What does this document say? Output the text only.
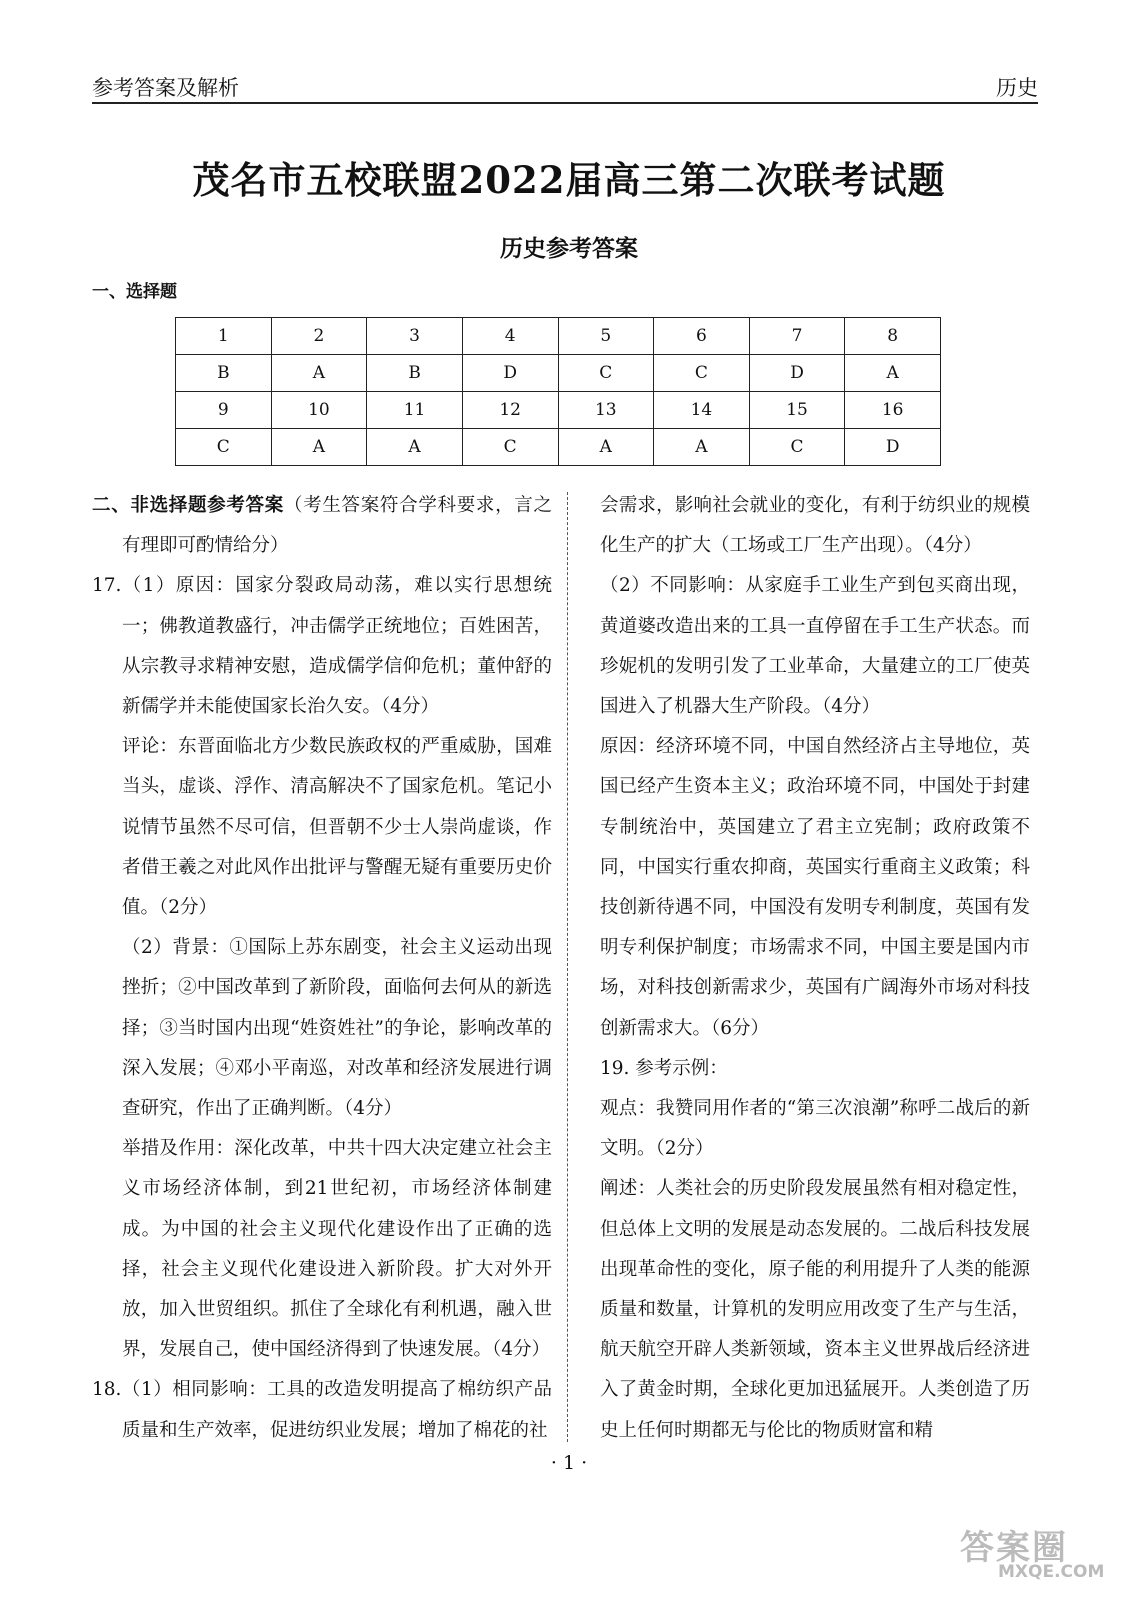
参考答案及解析	历史
茂名市五校联盟2022届高三第二次联考试题
历史参考答案
一、选择题
1	2	3	4	5	6	7	8
B	A	B	D	C	C	D	A
9	10	11	12	13	14	15	16
C	A	A	C	A	A	C	D

二、非选择题参考答案（考生答案符合学科要求，言之有理即可酌情给分）

17.（1）原因：国家分裂政局动荡，难以实行思想统一；佛教道教盛行，冲击儒学正统地位；百姓困苦，从宗教寻求精神安慰，造成儒学信仰危机；董仲舒的新儒学并未能使国家长治久安。（4分）

评论：东晋面临北方少数民族政权的严重威胁，国难当头，虚谈、浮作、清高解决不了国家危机。笔记小说情节虽然不尽可信，但晋朝不少士人崇尚虚谈，作者借王羲之对此风作出批评与警醒无疑有重要历史价值。（2分）

（2）背景：①国际上苏东剧变，社会主义运动出现挫折；②中国改革到了新阶段，面临何去何从的新选择；③当时国内出现“姓资姓社”的争论，影响改革的深入发展；④邓小平南巡，对改革和经济发展进行调查研究，作出了正确判断。（4分）

举措及作用：深化改革，中共十四大决定建立社会主义市场经济体制，到21世纪初，市场经济体制建成。为中国的社会主义现代化建设作出了正确的选择，社会主义现代化建设进入新阶段。扩大对外开放，加入世贸组织。抓住了全球化有利机遇，融入世界，发展自己，使中国经济得到了快速发展。（4分）

18.（1）相同影响：工具的改造发明提高了棉纺织产品质量和生产效率，促进纺织业发展；增加了棉花的社

会需求，影响社会就业的变化，有利于纺织业的规模化生产的扩大（工场或工厂生产出现）。（4分）

（2）不同影响：从家庭手工业生产到包买商出现，黄道婆改造出来的工具一直停留在手工生产状态。而珍妮机的发明引发了工业革命，大量建立的工厂使英国进入了机器大生产阶段。（4分）

原因：经济环境不同，中国自然经济占主导地位，英国已经产生资本主义；政治环境不同，中国处于封建专制统治中，英国建立了君主立宪制；政府政策不同，中国实行重农抑商，英国实行重商主义政策；科技创新待遇不同，中国没有发明专利制度，英国有发明专利保护制度；市场需求不同，中国主要是国内市场，对科技创新需求少，英国有广阔海外市场对科技创新需求大。（6分）

19. 参考示例：

观点：我赞同用作者的“第三次浪潮”称呼二战后的新文明。（2分）

阐述：人类社会的历史阶段发展虽然有相对稳定性，但总体上文明的发展是动态发展的。二战后科技发展出现革命性的变化，原子能的利用提升了人类的能源质量和数量，计算机的发明应用改变了生产与生活，航天航空开辟人类新领域，资本主义世界战后经济进入了黄金时期，全球化更加迅猛展开。人类创造了历史上任何时期都无与伦比的物质财富和精

· 1 ·
答案圈
MXQE.COM
